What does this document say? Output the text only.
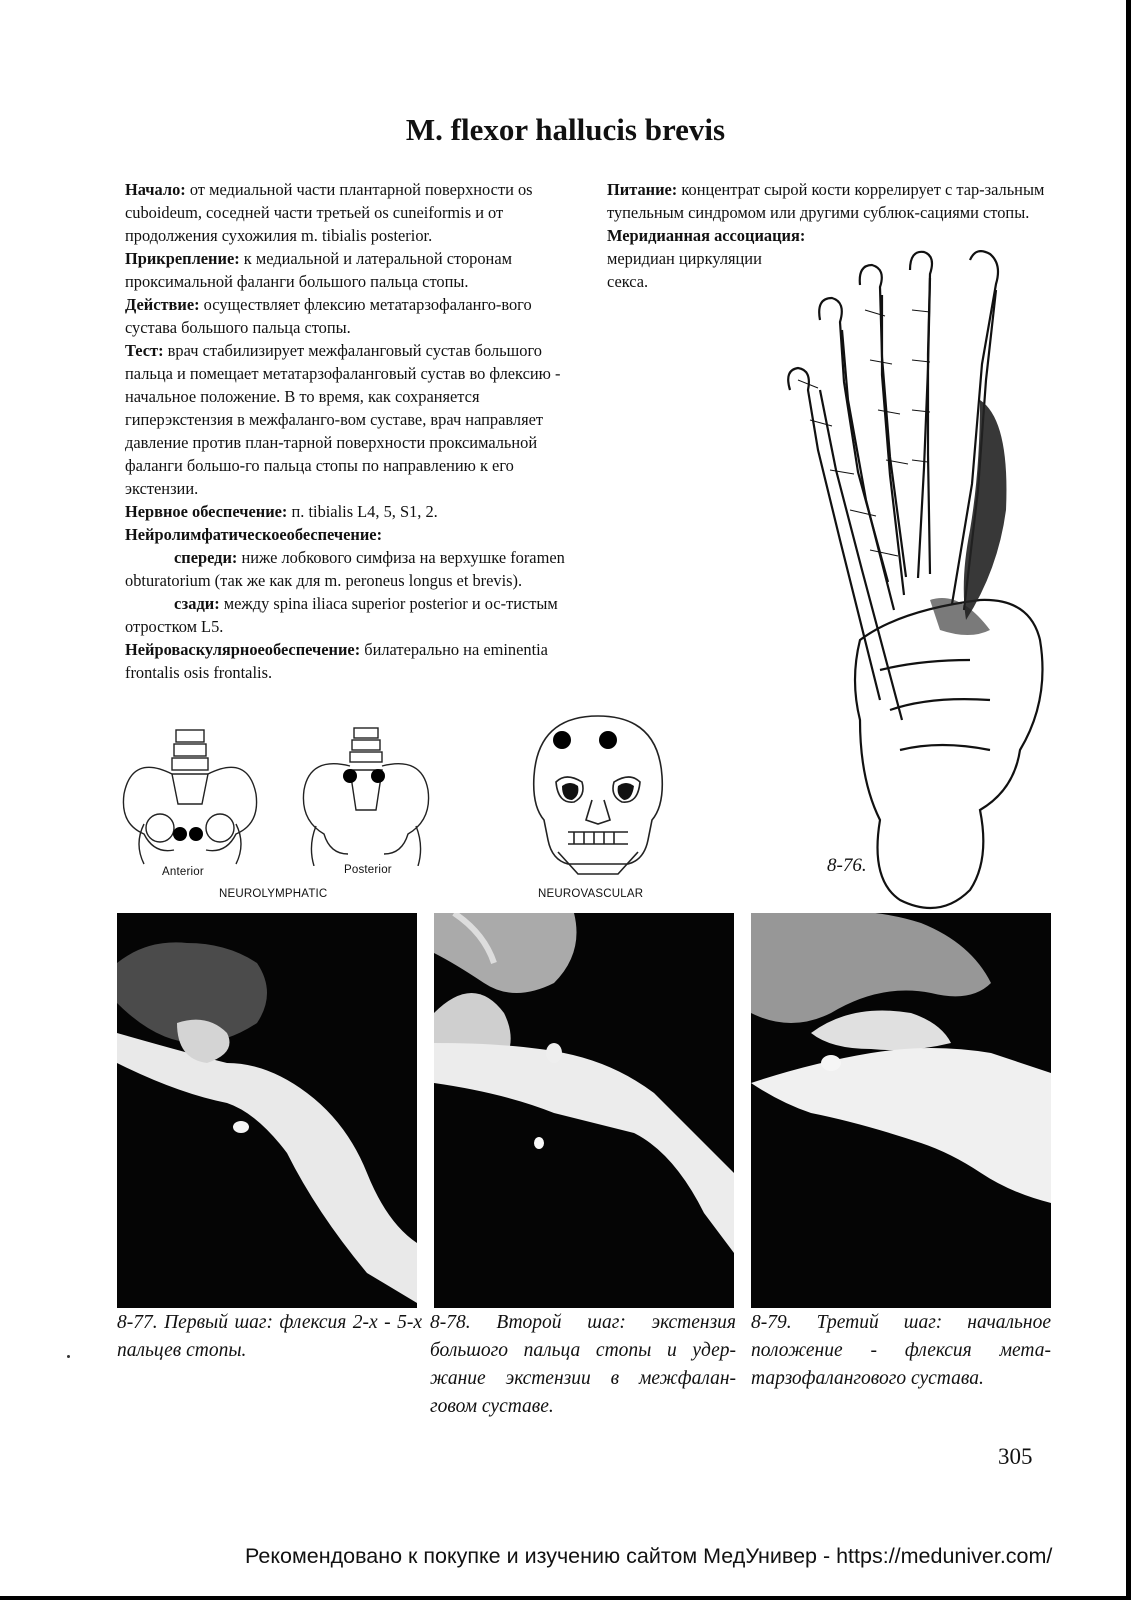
M. flexor hallucis brevis

Начало: от медиальной части плантарной поверхности os cuboideum, соседней части третьей os cuneiformis и от продолжения сухожилия m. tibialis posterior.

Прикрепление: к медиальной и латеральной сторонам проксимальной фаланги большого пальца стопы.

Действие: осуществляет флексию метатарзофаланго-вого сустава большого пальца стопы.

Тест: врач стабилизирует межфаланговый сустав большого пальца и помещает метатарзофаланговый сустав во флексию - начальное положение. В то время, как сохраняется гиперэкстензия в межфаланго-вом суставе, врач направляет давление против план-тарной поверхности проксимальной фаланги большо-го пальца стопы по направлению к его экстензии.

Нервное обеспечение: п. tibialis L4, 5, S1, 2.

Нейролимфатическоеобеспечение:

спереди: ниже лобкового симфиза на верхушке foramen obturatorium (так же как для m. peroneus longus et brevis).

сзади: между spina iliaca superior posterior и ос-тистым отростком L5.

Нейроваскулярноеобеспечение: билатерально на eminentia frontalis osis frontalis.

Питание: концентрат сырой кости коррелирует с тар-зальным тупельным синдромом или другими сублюк-сациями стопы.

Меридианная ассоциация:

меридиан циркуляции

секса.

8-76.
Anterior	Posterior
NEUROLYMPHATIC	NEUROVASCULAR
8-77. Первый шаг: флексия 2-х - 5-х пальцев стопы.
8-78. Второй шаг: экстензия большого пальца стопы и удер-жание экстензии в межфалан-говом суставе.
8-79. Третий шаг: начальное положение - флексия мета-тарзофалангового сустава.
305
Рекомендовано к покупке и изучению сайтом МедУнивер - https://meduniver.com/
